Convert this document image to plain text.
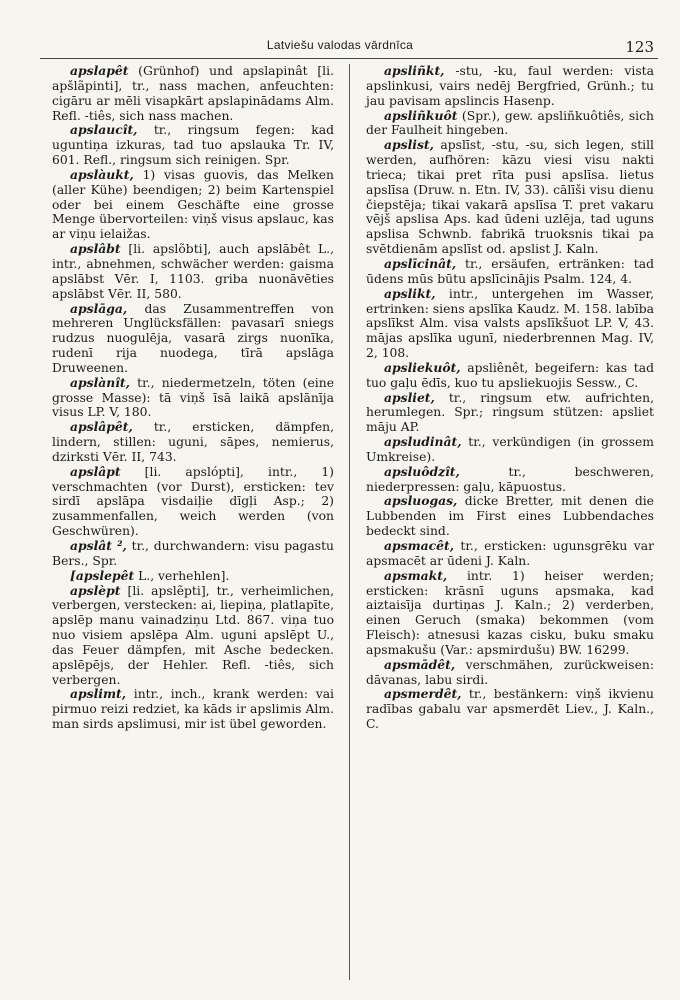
Latviešu valodas vārdnīca	123

apslapêt (Grünhof) und apslapinât [li. apšlãpinti], tr., nass machen, anfeuchten: cigāru ar mēli visapkārt apslapinādams Alm. Refl. -tiês, sich nass machen.

apslaucît, tr., ringsum fegen: kad uguntiņa izkuras, tad tuo apslauka Tr. IV, 601. Refl., ringsum sich reinigen. Spr.

apslàukt, 1) visas guovis, das Melken (aller Kühe) beendigen; 2) beim Kartenspiel oder bei einem Geschäfte eine grosse Menge übervorteilen: viņš visus apslauc, kas ar viņu ielaižas.

apslâbt [li. apslõbti], auch apslābêt L., intr., abnehmen, schwächer werden: gaisma apslābst Vēr. I, 1103. griba nuonāvēties apslābst Vēr. II, 580.

apslāga, das Zusammentreffen von mehreren Unglücksfällen: pavasarī sniegs rudzus nuogulēja, vasarā zirgs nuonīka, rudenī rija nuodega, tīrā apslāga Druweenen.

apslànît, tr., niedermetzeln, töten (eine grosse Masse): tā viņš īsā laikā apslānīja visus LP. V, 180.

apslâpêt, tr., ersticken, dämpfen, lindern, stillen: uguni, sāpes, nemierus, dzirksti Vēr. II, 743.

apslâpt [li. apslópti], intr., 1) verschmachten (vor Durst), ersticken: tev sirdī apslāpa visdaiļie dīgļi Asp.; 2) zusammenfallen, weich werden (von Geschwüren).

apslât ², tr., durchwandern: visu pagastu Bers., Spr.

[apslepêt L., verhehlen].

apslèpt [li. apslẽpti], tr., verheimlichen, verbergen, verstecken: ai, liepiņa, platlapīte, apslēp manu vainadziņu Ltd. 867. viņa tuo nuo visiem apslēpa Alm. uguni apslēpt U., das Feuer dämpfen, mit Asche bedecken. apslēpējs, der Hehler. Refl. -tiês, sich verbergen.

apslimt, intr., inch., krank werden: vai pirmuo reizi redziet, ka kāds ir apslimis Alm. man sirds apslimusi, mir ist übel geworden.

apsliñkt, -stu, -ku, faul werden: vista apslinkusi, vairs nedēj Bergfried, Grünh.; tu jau pavisam apslincis Hasenp.

apsliñkuôt (Spr.), gew. apsliñkuôtiês, sich der Faulheit hingeben.

apslist, apslīst, -stu, -su, sich legen, still werden, aufhören: kāzu viesi visu nakti trieca; tikai pret rīta pusi apslīsa. lietus apslīsa (Druw. n. Etn. IV, 33). cālīši visu dienu čiepstēja; tikai vakarā apslīsa T. pret vakaru vējš apslisa Aps. kad ūdeni uzlēja, tad uguns apslisa Schwnb. fabrikā truoksnis tikai pa svētdienām apslīst od. apslist J. Kaln.

apslīcinât, tr., ersäufen, ertränken: tad ūdens mūs būtu apslīcinājis Psalm. 124, 4.

apslikt, intr., untergehen im Wasser, ertrinken: siens apslīka Kaudz. M. 158. labība apslīkst Alm. visa valsts apslīkšuot LP. V, 43. mājas apslīka ugunī, niederbrennen Mag. IV, 2, 108.

apsliekuôt, apsliênêt, begeifern: kas tad tuo gaļu ēdīs, kuo tu apsliekuojis Sessw., C.

apsliet, tr., ringsum etw. aufrichten, herumlegen. Spr.; ringsum stützen: apsliet māju AP.

apsludinât, tr., verkündigen (in grossem Umkreise).

apsluôdzît, tr., beschweren, niederpressen: gaļu, kāpuostus.

apsluogas, dicke Bretter, mit denen die Lubbenden im First eines Lubbendaches bedeckt sind.

apsmacêt, tr., ersticken: ugunsgrēku var apsmacēt ar ūdeni J. Kaln.

apsmakt, intr. 1) heiser werden; ersticken: krāsnī uguns apsmaka, kad aiztaisīja durtiņas J. Kaln.; 2) verderben, einen Geruch (smaka) bekommen (vom Fleisch): atnesusi kazas cisku, buku smaku apsmakušu (Var.: apsmirdušu) BW. 16299.

apsmādêt, verschmähen, zurückweisen: dāvanas, labu sirdi.

apsmerdêt, tr., bestänkern: viņš ikvienu radības gabalu var apsmerdēt Liev., J. Kaln., C.
